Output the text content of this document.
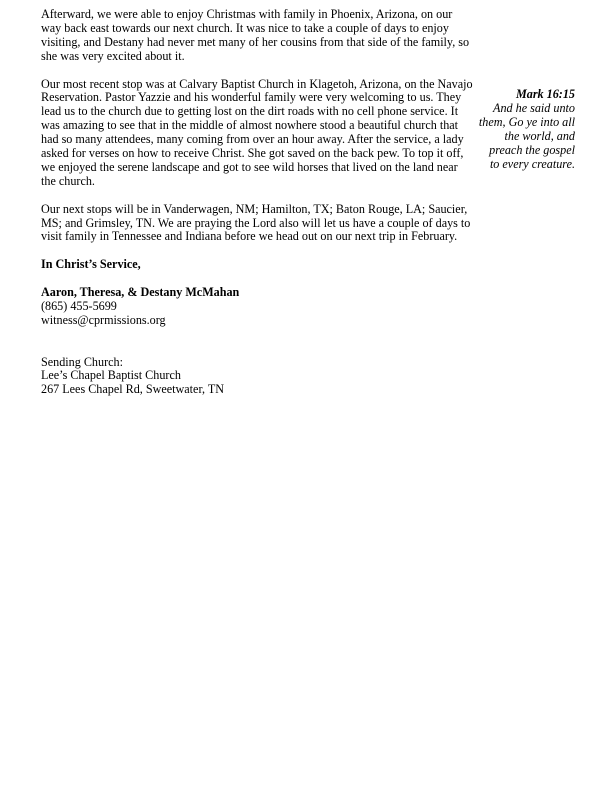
Afterward, we were able to enjoy Christmas with family in Phoenix, Arizona, on our way back east towards our next church. It was nice to take a couple of days to enjoy visiting, and Destany had never met many of her cousins from that side of the family, so she was very excited about it.

Our most recent stop was at Calvary Baptist Church in Klagetoh, Arizona, on the Navajo Reservation. Pastor Yazzie and his wonderful family were very welcoming to us. They lead us to the church due to getting lost on the dirt roads with no cell phone service. It was amazing to see that in the middle of almost nowhere stood a beautiful church that had so many attendees, many coming from over an hour away. After the service, a lady asked for verses on how to receive Christ. She got saved on the back pew. To top it off, we enjoyed the serene landscape and got to see wild horses that lived on the land near the church.

Our next stops will be in Vanderwagen, NM; Hamilton, TX; Baton Rouge, LA; Saucier, MS; and Grimsley, TN. We are praying the Lord also will let us have a couple of days to visit family in Tennessee and Indiana before we head out on our next trip in February.

In Christ’s Service,

Aaron, Theresa, & Destany McMahan

(865) 455-5699

witness@cprmissions.org

Sending Church:

Lee’s Chapel Baptist Church

267 Lees Chapel Rd, Sweetwater, TN

Mark 16:15

And he said unto

them, Go ye into all

the world, and

preach the gospel

to every creature.
